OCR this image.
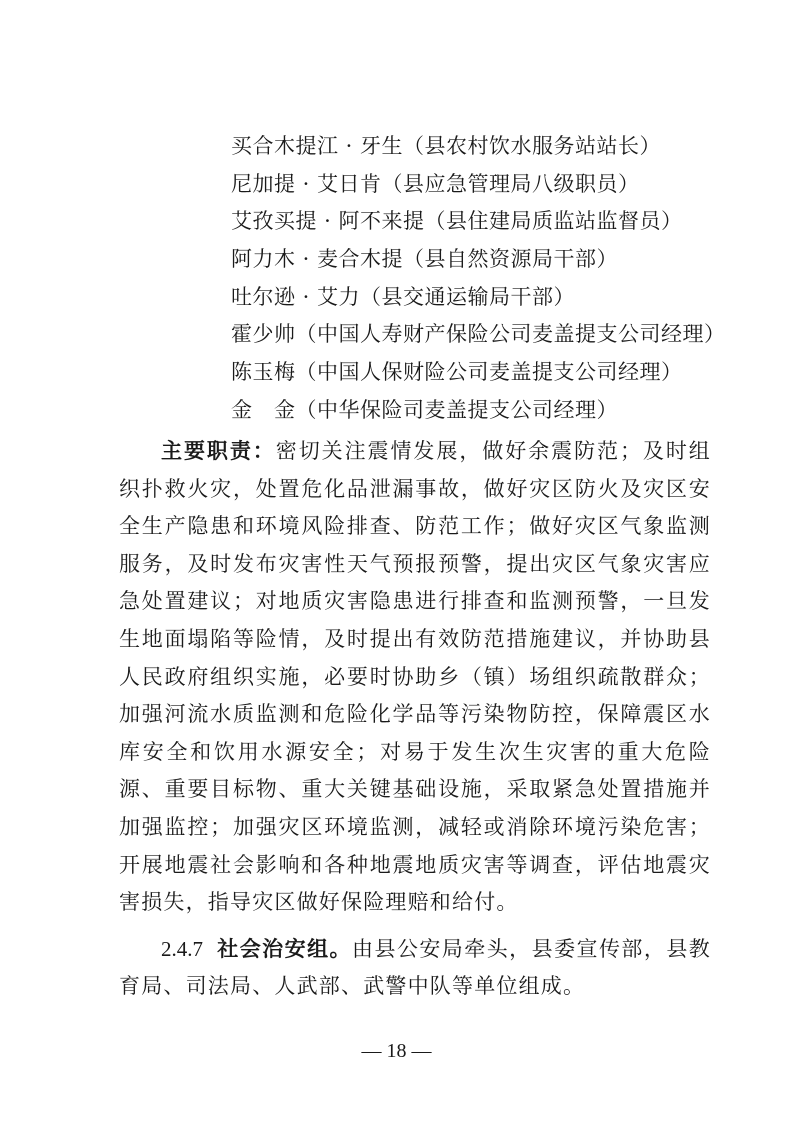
买合木提江 · 牙生（县农村饮水服务站站长）
尼加提 · 艾日肯（县应急管理局八级职员）
艾孜买提 · 阿不来提（县住建局质监站监督员）
阿力木 · 麦合木提（县自然资源局干部）
吐尔逊 · 艾力（县交通运输局干部）
霍少帅（中国人寿财产保险公司麦盖提支公司经理）
陈玉梅（中国人保财险公司麦盖提支公司经理）
金　金（中华保险司麦盖提支公司经理）

主要职责：密切关注震情发展，做好余震防范；及时组织扑救火灾，处置危化品泄漏事故，做好灾区防火及灾区安全生产隐患和环境风险排查、防范工作；做好灾区气象监测服务，及时发布灾害性天气预报预警，提出灾区气象灾害应急处置建议；对地质灾害隐患进行排查和监测预警，一旦发生地面塌陷等险情，及时提出有效防范措施建议，并协助县人民政府组织实施，必要时协助乡（镇）场组织疏散群众；加强河流水质监测和危险化学品等污染物防控，保障震区水库安全和饮用水源安全；对易于发生次生灾害的重大危险源、重要目标物、重大关键基础设施，采取紧急处置措施并加强监控；加强灾区环境监测，减轻或消除环境污染危害；开展地震社会影响和各种地震地质灾害等调查，评估地震灾害损失，指导灾区做好保险理赔和给付。

2.4.7 社会治安组。由县公安局牵头，县委宣传部，县教育局、司法局、人武部、武警中队等单位组成。

— 18 —
